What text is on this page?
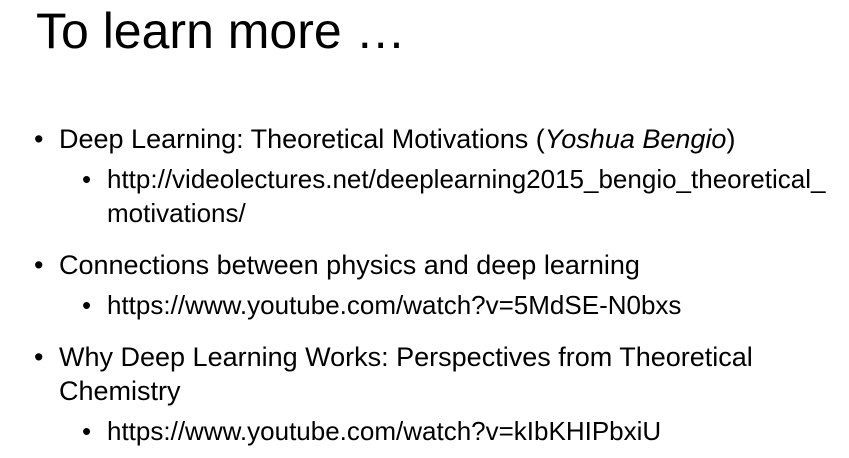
To learn more …
• Deep Learning: Theoretical Motivations (Yoshua Bengio)
• http://videolectures.net/deeplearning2015_bengio_theoretical_motivations/
• Connections between physics and deep learning
• https://www.youtube.com/watch?v=5MdSE-N0bxs
• Why Deep Learning Works: Perspectives from Theoretical Chemistry
• https://www.youtube.com/watch?v=kIbKHIPbxiU
